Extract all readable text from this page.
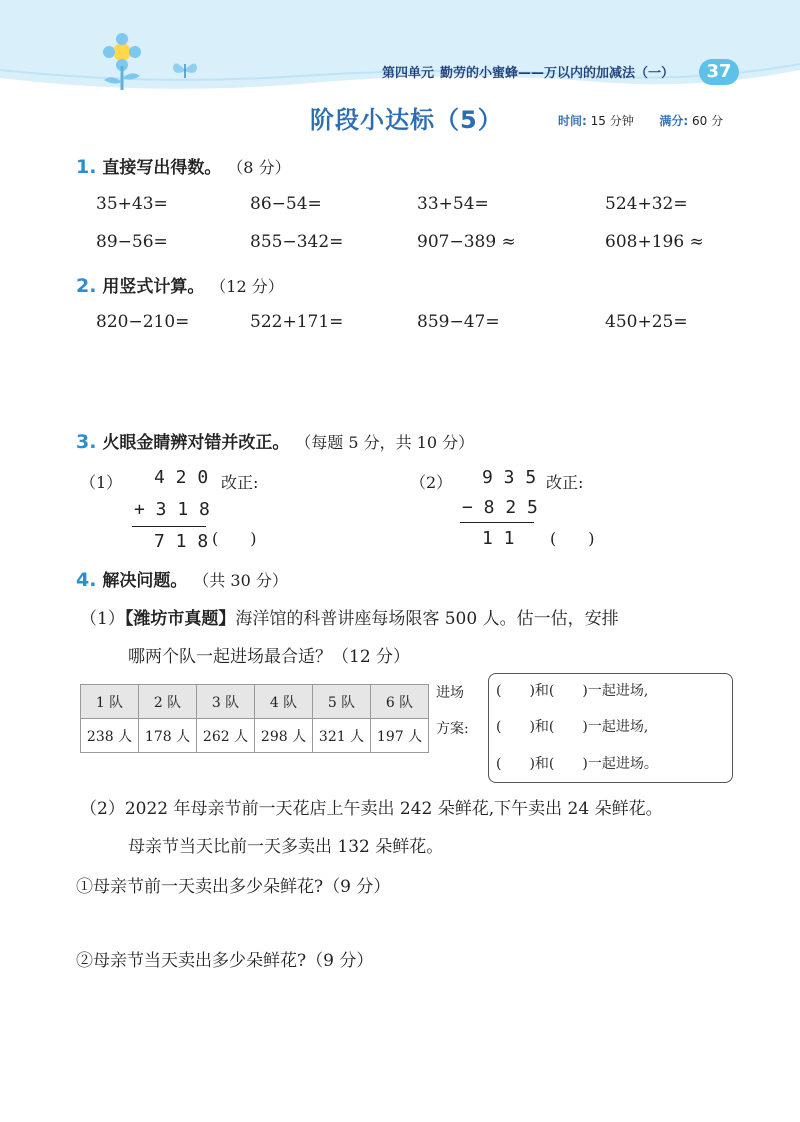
第四单元 勤劳的小蜜蜂——万以内的加减法（一）	37
阶段小达标（5）	时间: 15 分钟 满分: 60 分
1. 直接写出得数。 （8 分）
35+43=	86−54=	33+54=	524+32=
89−56=	855−342=	907−389 ≈	608+196 ≈
2. 用竖式计算。 （12 分）
820−210=	522+171=	859−47=	450+25=
3. 火眼金睛辨对错并改正。 （每题 5 分，共 10 分）
（1） 4 2 0 改正:
+ 3 1 8
7 1 8 (　　)
（2） 9 3 5 改正:
− 8 2 5
1 1 (　　)
4. 解决问题。 （共 30 分）
（1）【潍坊市真题】海洋馆的科普讲座每场限客 500 人。估一估，安排
哪两个队一起进场最合适？（12 分）
1 队	2 队	3 队	4 队	5 队	6 队
238 人	178 人	262 人	298 人	321 人	197 人
进场
方案:
(　　)和(　　)一起进场,
(　　)和(　　)一起进场,
(　　)和(　　)一起进场。
（2）2022 年母亲节前一天花店上午卖出 242 朵鲜花,下午卖出 24 朵鲜花。
母亲节当天比前一天多卖出 132 朵鲜花。
①母亲节前一天卖出多少朵鲜花?（9 分）
②母亲节当天卖出多少朵鲜花?（9 分）
